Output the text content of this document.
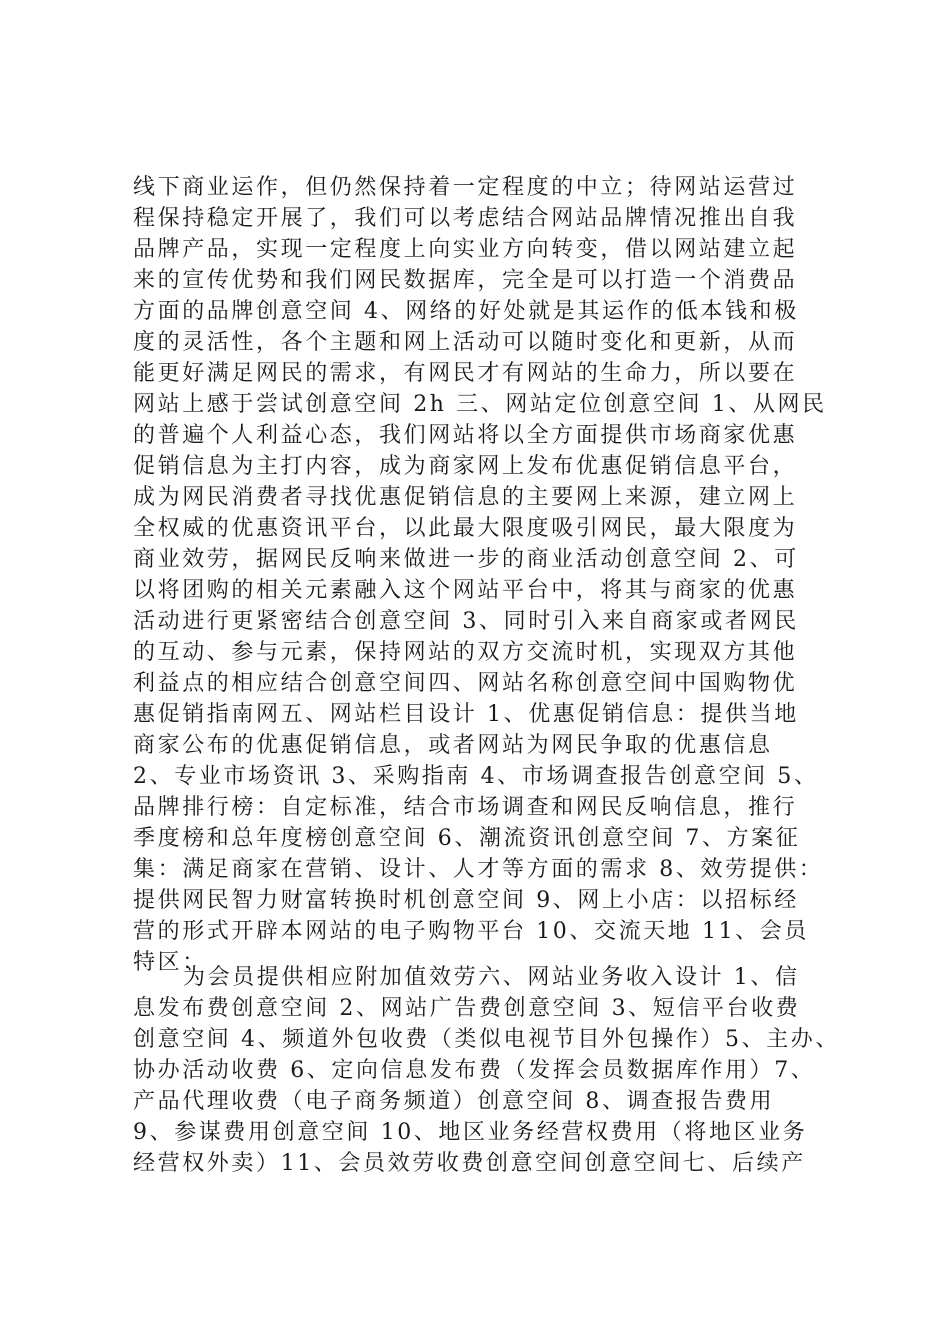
线下商业运作，但仍然保持着一定程度的中立；待网站运营过
程保持稳定开展了，我们可以考虑结合网站品牌情况推出自我
品牌产品，实现一定程度上向实业方向转变，借以网站建立起
来的宣传优势和我们网民数据库，完全是可以打造一个消费品
方面的品牌创意空间 4、网络的好处就是其运作的低本钱和极
度的灵活性，各个主题和网上活动可以随时变化和更新，从而
能更好满足网民的需求，有网民才有网站的生命力，所以要在
网站上感于尝试创意空间 2h 三、网站定位创意空间 1、从网民
的普遍个人利益心态，我们网站将以全方面提供市场商家优惠
促销信息为主打内容，成为商家网上发布优惠促销信息平台，
成为网民消费者寻找优惠促销信息的主要网上来源，建立网上
全权威的优惠资讯平台，以此最大限度吸引网民，最大限度为
商业效劳，据网民反响来做进一步的商业活动创意空间 2、可
以将团购的相关元素融入这个网站平台中，将其与商家的优惠
活动进行更紧密结合创意空间 3、同时引入来自商家或者网民
的互动、参与元素，保持网站的双方交流时机，实现双方其他
利益点的相应结合创意空间四、网站名称创意空间中国购物优
惠促销指南网五、网站栏目设计 1、优惠促销信息：提供当地
商家公布的优惠促销信息，或者网站为网民争取的优惠信息
2、专业市场资讯 3、采购指南 4、市场调查报告创意空间 5、
品牌排行榜：自定标准，结合市场调查和网民反响信息，推行
季度榜和总年度榜创意空间 6、潮流资讯创意空间 7、方案征
集：满足商家在营销、设计、人才等方面的需求 8、效劳提供：
提供网民智力财富转换时机创意空间 9、网上小店：以招标经
营的形式开辟本网站的电子购物平台 10、交流天地 11、会员
特区：
为会员提供相应附加值效劳六、网站业务收入设计 1、信
息发布费创意空间 2、网站广告费创意空间 3、短信平台收费
创意空间 4、频道外包收费（类似电视节目外包操作）5、主办、
协办活动收费 6、定向信息发布费（发挥会员数据库作用）7、
产品代理收费（电子商务频道）创意空间 8、调查报告费用
9、参谋费用创意空间 10、地区业务经营权费用（将地区业务
经营权外卖）11、会员效劳收费创意空间创意空间七、后续产
